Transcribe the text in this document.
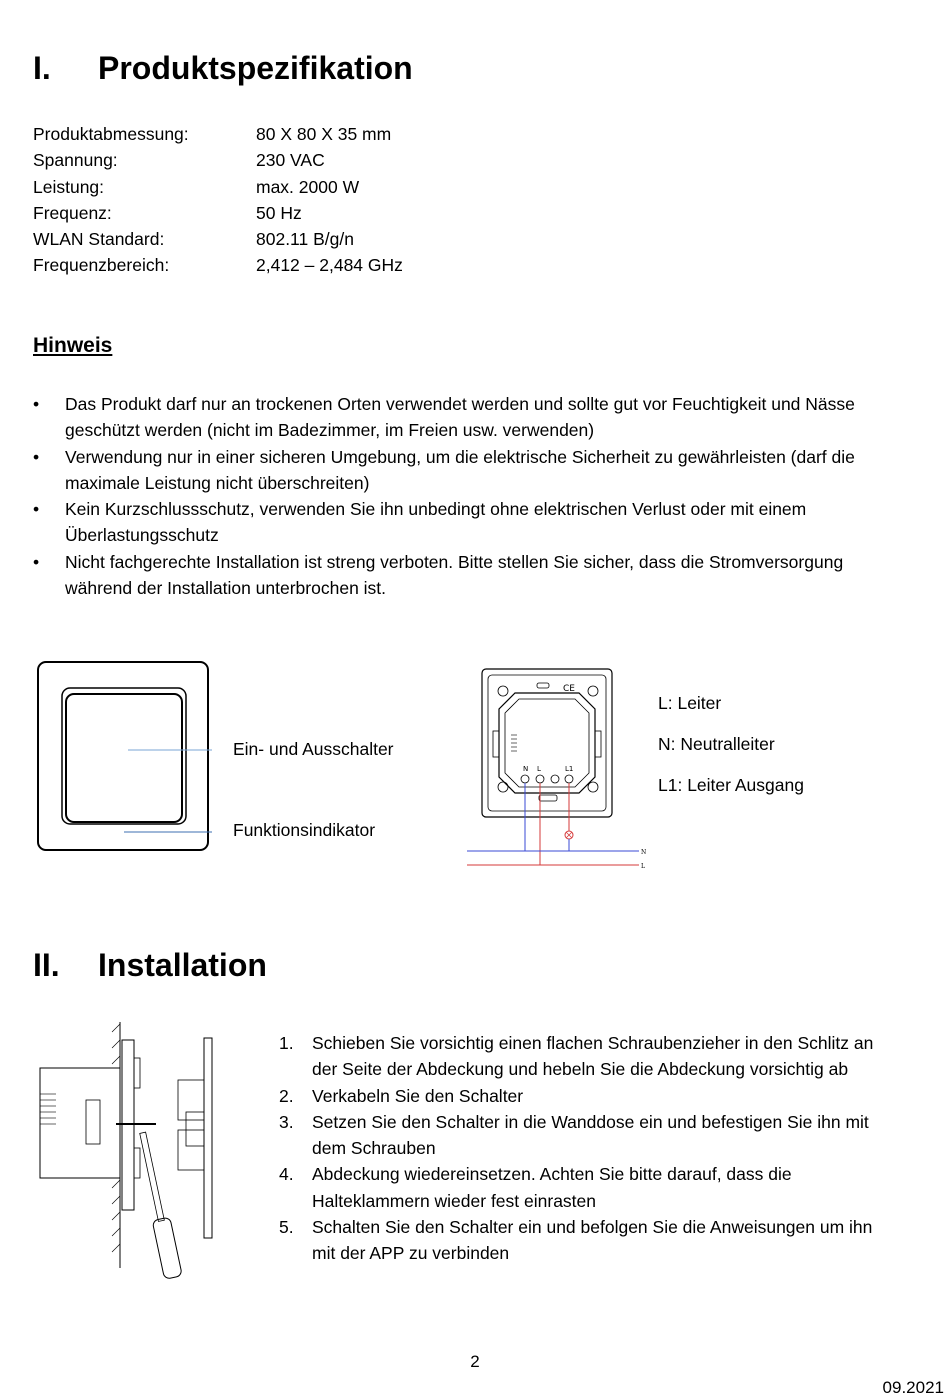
I. Produktspezifikation
Produktabmessung:	80 X 80 X 35 mm
Spannung:	230 VAC
Leistung:	max. 2000 W
Frequenz:	50 Hz
WLAN Standard:	802.11 B/g/n
Frequenzbereich:	2,412 – 2,484 GHz
Hinweis
• Das Produkt darf nur an trockenen Orten verwendet werden und sollte gut vor Feuchtigkeit und Nässe geschützt werden (nicht im Badezimmer, im Freien usw. verwenden)
• Verwendung nur in einer sicheren Umgebung, um die elektrische Sicherheit zu gewährleisten (darf die maximale Leistung nicht überschreiten)
• Kein Kurzschlussschutz, verwenden Sie ihn unbedingt ohne elektrischen Verlust oder mit einem Überlastungsschutz
• Nicht fachgerechte Installation ist streng verboten. Bitte stellen Sie sicher, dass die Stromversorgung während der Installation unterbrochen ist.
Ein- und Ausschalter
Funktionsindikator
CE
N L	L1
N
L
L: Leiter
N: Neutralleiter
L1: Leiter Ausgang
II. Installation
1. Schieben Sie vorsichtig einen flachen Schraubenzieher in den Schlitz an der Seite der Abdeckung und hebeln Sie die Abdeckung vorsichtig ab
2. Verkabeln Sie den Schalter
3. Setzen Sie den Schalter in die Wanddose ein und befestigen Sie ihn mit dem Schrauben
4. Abdeckung wiedereinsetzen. Achten Sie bitte darauf, dass die Halteklammern wieder fest einrasten
5. Schalten Sie den Schalter ein und befolgen Sie die Anweisungen um ihn mit der APP zu verbinden
2
09.2021
